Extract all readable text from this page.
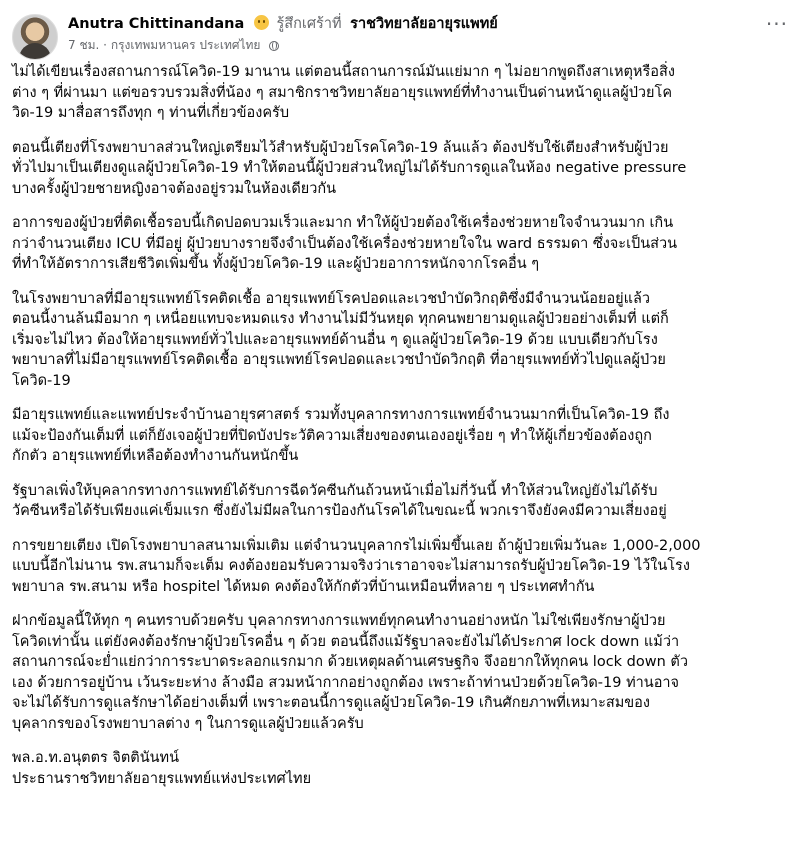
Anutra Chittinandana รู้สึกเศร้าที่ ราชวิทยาลัยอายุรแพทย์
7 ชม. · กรุงเทพมหานคร ประเทศไทย
···

ไม่ได้เขียนเรื่องสถานการณ์โควิด-19 มานาน แต่ตอนนี้สถานการณ์มันแย่มาก ๆ ไม่อยากพูดถึงสาเหตุหรือสิ่ง
ต่าง ๆ ที่ผ่านมา แต่ขอรวบรวมสิ่งที่น้อง ๆ สมาชิกราชวิทยาลัยอายุรแพทย์ที่ทำงานเป็นด่านหน้าดูแลผู้ป่วยโค
วิด-19 มาสื่อสารถึงทุก ๆ ท่านที่เกี่ยวข้องครับ

ตอนนี้เตียงที่โรงพยาบาลส่วนใหญ่เตรียมไว้สำหรับผู้ป่วยโรคโควิด-19 ล้นแล้ว ต้องปรับใช้เตียงสำหรับผู้ป่วย
ทั่วไปมาเป็นเตียงดูแลผู้ป่วยโควิด-19 ทำให้ตอนนี้ผู้ป่วยส่วนใหญ่ไม่ได้รับการดูแลในห้อง negative pressure
บางครั้งผู้ป่วยชายหญิงอาจต้องอยู่รวมในห้องเดียวกัน

อาการของผู้ป่วยที่ติดเชื้อรอบนี้เกิดปอดบวมเร็วและมาก ทำให้ผู้ป่วยต้องใช้เครื่องช่วยหายใจจำนวนมาก เกิน
กว่าจำนวนเตียง ICU ที่มีอยู่ ผู้ป่วยบางรายจึงจำเป็นต้องใช้เครื่องช่วยหายใจใน ward ธรรมดา ซึ่งจะเป็นส่วน
ที่ทำให้อัตราการเสียชีวิตเพิ่มขึ้น ทั้งผู้ป่วยโควิด-19 และผู้ป่วยอาการหนักจากโรคอื่น ๆ

ในโรงพยาบาลที่มีอายุรแพทย์โรคติดเชื้อ อายุรแพทย์โรคปอดและเวชบำบัดวิกฤติซึ่งมีจำนวนน้อยอยู่แล้ว
ตอนนี้งานล้นมือมาก ๆ เหนื่อยแทบจะหมดแรง ทำงานไม่มีวันหยุด ทุกคนพยายามดูแลผู้ป่วยอย่างเต็มที่ แต่ก็
เริ่มจะไม่ไหว ต้องให้อายุรแพทย์ทั่วไปและอายุรแพทย์ด้านอื่น ๆ ดูแลผู้ป่วยโควิด-19 ด้วย แบบเดียวกับโรง
พยาบาลที่ไม่มีอายุรแพทย์โรคติดเชื้อ อายุรแพทย์โรคปอดและเวชบำบัดวิกฤติ ที่อายุรแพทย์ทั่วไปดูแลผู้ป่วย
โควิด-19

มีอายุรแพทย์และแพทย์ประจำบ้านอายุรศาสตร์ รวมทั้งบุคลากรทางการแพทย์จำนวนมากที่เป็นโควิด-19 ถึง
แม้จะป้องกันเต็มที่ แต่ก็ยังเจอผู้ป่วยที่ปิดบังประวัติความเสี่ยงของตนเองอยู่เรื่อย ๆ ทำให้ผู้เกี่ยวข้องต้องถูก
กักตัว อายุรแพทย์ที่เหลือต้องทำงานกันหนักขึ้น

รัฐบาลเพิ่งให้บุคลากรทางการแพทย์ได้รับการฉีดวัคซีนกันถ้วนหน้าเมื่อไม่กี่วันนี้ ทำให้ส่วนใหญ่ยังไม่ได้รับ
วัคซีนหรือได้รับเพียงแค่เข็มแรก ซึ่งยังไม่มีผลในการป้องกันโรคได้ในขณะนี้ พวกเราจึงยังคงมีความเสี่ยงอยู่

การขยายเตียง เปิดโรงพยาบาลสนามเพิ่มเติม แต่จำนวนบุคลากรไม่เพิ่มขึ้นเลย ถ้าผู้ป่วยเพิ่มวันละ 1,000-2,000
แบบนี้อีกไม่นาน รพ.สนามก็จะเต็ม คงต้องยอมรับความจริงว่าเราอาจจะไม่สามารถรับผู้ป่วยโควิด-19 ไว้ในโรง
พยาบาล รพ.สนาม หรือ hospitel ได้หมด คงต้องให้กักตัวที่บ้านเหมือนที่หลาย ๆ ประเทศทำกัน

ฝากข้อมูลนี้ให้ทุก ๆ คนทราบด้วยครับ บุคลากรทางการแพทย์ทุกคนทำงานอย่างหนัก ไม่ใช่เพียงรักษาผู้ป่วย
โควิดเท่านั้น แต่ยังคงต้องรักษาผู้ป่วยโรคอื่น ๆ ด้วย ตอนนี้ถึงแม้รัฐบาลจะยังไม่ได้ประกาศ lock down แม้ว่า
สถานการณ์จะย่ำแย่กว่าการระบาดระลอกแรกมาก ด้วยเหตุผลด้านเศรษฐกิจ จึงอยากให้ทุกคน lock down ตัว
เอง ด้วยการอยู่บ้าน เว้นระยะห่าง ล้างมือ สวมหน้ากากอย่างถูกต้อง เพราะถ้าท่านป่วยด้วยโควิด-19 ท่านอาจ
จะไม่ได้รับการดูแลรักษาได้อย่างเต็มที่ เพราะตอนนี้การดูแลผู้ป่วยโควิด-19 เกินศักยภาพที่เหมาะสมของ
บุคลากรของโรงพยาบาลต่าง ๆ ในการดูแลผู้ป่วยแล้วครับ

พล.อ.ท.อนุตตร จิตตินันทน์

ประธานราชวิทยาลัยอายุรแพทย์แห่งประเทศไทย
